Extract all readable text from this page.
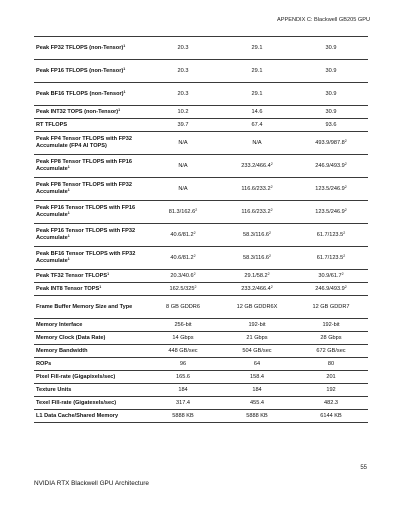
APPENDIX C: Blackwell GB205 GPU
Peak FP32 TFLOPS (non-Tensor)$^1$	20.3	29.1	30.9
Peak FP16 TFLOPS (non-Tensor)$^1$	20.3	29.1	30.9
Peak BF16 TFLOPS (non-Tensor)$^1$	20.3	29.1	30.9
Peak INT32 TOPS (non-Tensor)$^1$	10.2	14.6	30.9
RT TFLOPS	39.7	67.4	93.6
Peak FP4 Tensor TFLOPS with FP32 Accumulate (FP4 AI TOPS)	N/A	N/A	493.9/987.8$^2$
Peak FP8 Tensor TFLOPS with FP16 Accumulate$^1$	N/A	233.2/466.4$^2$	246.9/493.9$^2$
Peak FP8 Tensor TFLOPS with FP32 Accumulate$^1$	N/A	116.6/233.2$^2$	123.5/246.9$^2$
Peak FP16 Tensor TFLOPS with FP16 Accumulate$^1$	81.3/162.6$^2$	116.6/233.2$^2$	123.5/246.9$^2$
Peak FP16 Tensor TFLOPS with FP32 Accumulate$^1$	40.6/81.2$^2$	58.3/116.6$^2$	61.7/123.5$^2$
Peak BF16 Tensor TFLOPS with FP32 Accumulate$^1$	40.6/81.2$^2$	58.3/116.6$^2$	61.7/123.5$^2$
Peak TF32 Tensor TFLOPS$^1$	20.3/40.6$^2$	29.1/58.2$^2$	30.9/61.7$^2$
Peak INT8 Tensor TOPS$^1$	$162.5/325^2$	233.2/466.4$^2$	246.9/493.9$^2$
Frame Buffer Memory Size and Type	8 GB GDDR6	12 GB GDDR6X	12 GB GDDR7
Memory Interface	256-bit	192-bit	192-bit
Memory Clock (Data Rate)	14 Gbps	21 Gbps	28 Gbps
Memory Bandwidth	448 GB/sec	504 GB/sec	672 GB/sec
ROPs	96	64	80
Pixel Fill-rate (Gigapixels/sec)	165.6	158.4	201
Texture Units	184	184	192
Texel Fill-rate (Gigatexels/sec)	317.4	455.4	482.3
L1 Data Cache/Shared Memory	5888 KB	5888 KB	6144 KB
55
NVIDIA RTX Blackwell GPU Architecture
